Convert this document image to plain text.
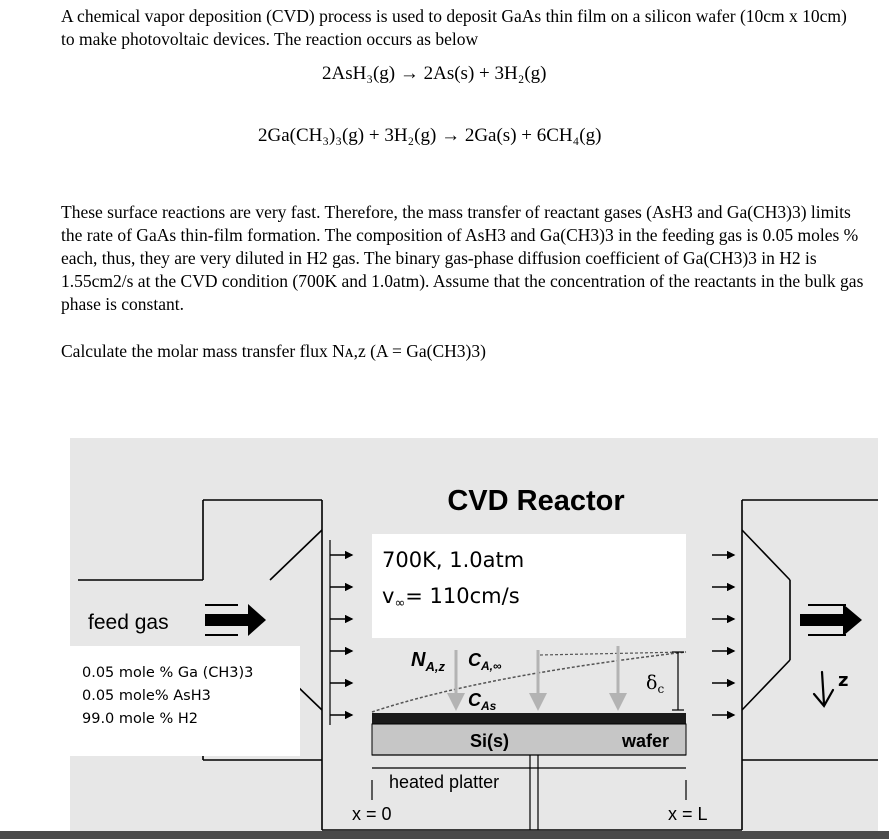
A chemical vapor deposition (CVD) process is used to deposit GaAs thin film on a silicon wafer (10cm x 10cm) to make photovoltaic devices. The reaction occurs as below

2AsH₃(g) → 2As(s) + 3H₂(g)
2Ga(CH₃)₃(g) + 3H₂(g) → 2Ga(s) + 6CH₄(g)

These surface reactions are very fast. Therefore, the mass transfer of reactant gases (AsH3 and Ga(CH3)3) limits the rate of GaAs thin-film formation. The composition of AsH3 and Ga(CH3)3 in the feeding gas is 0.05 moles % each, thus, they are very diluted in H2 gas. The binary gas-phase diffusion coefficient of Ga(CH3)3 in H2 is 1.55cm2/s at the CVD condition (700K and 1.0atm). Assume that the concentration of the reactants in the bulk gas phase is constant.

Calculate the molar mass transfer flux Nᴀ,z (A = Ga(CH3)3)

CVD Reactor
700K, 1.0atm
v∞= 110cm/s
feed gas
0.05 mole % Ga (CH3)3
0.05 mole% AsH3
99.0 mole % H2
$N_{A,z}$ $C_{A,\infty}$
$C_{As}$
$\delta_c$
Si(s)	wafer
heated platter
x = 0	x = L
z
